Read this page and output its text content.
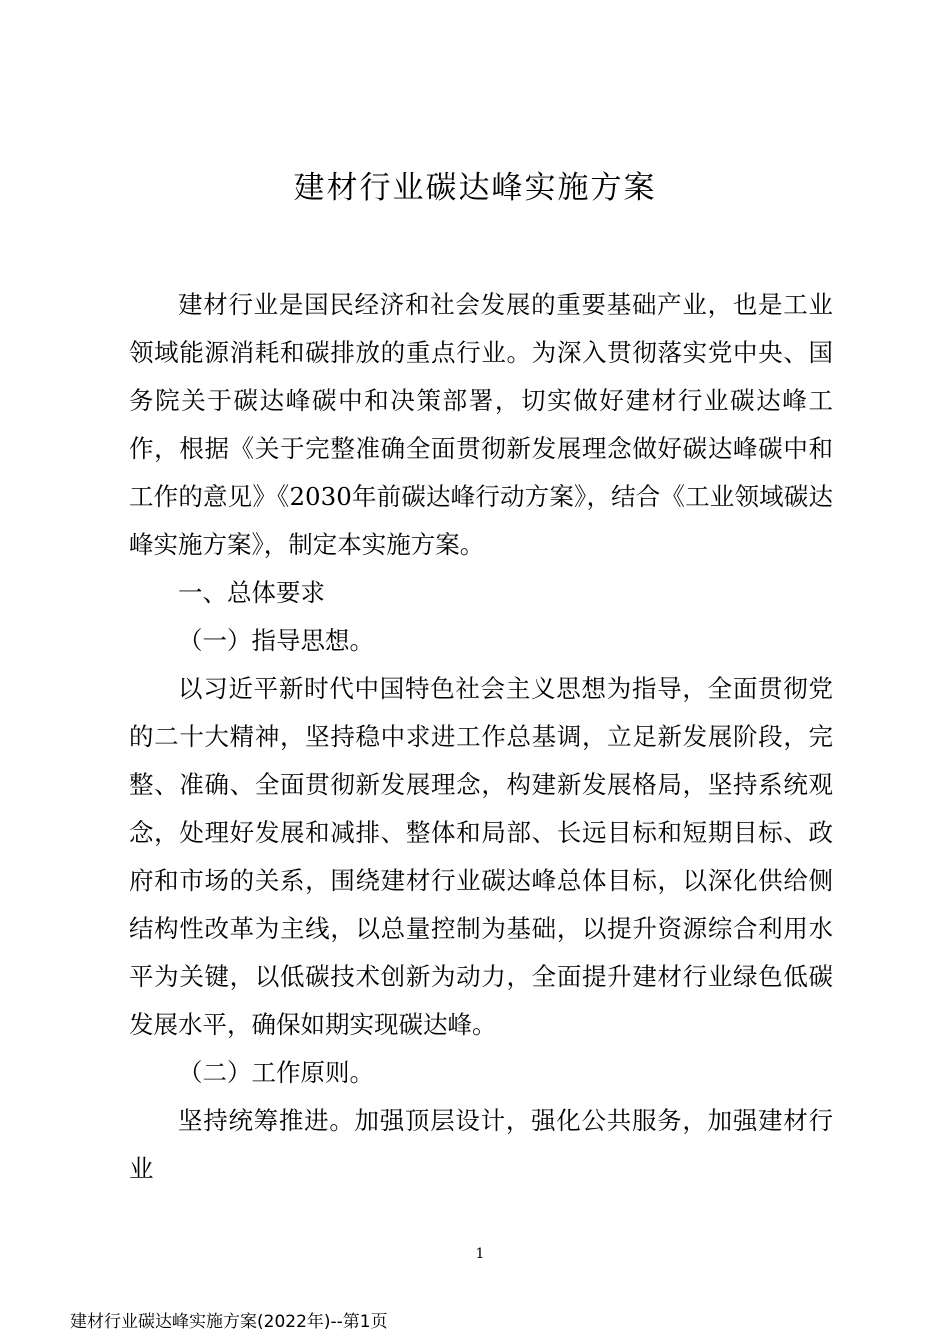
建材行业碳达峰实施方案

建材行业是国民经济和社会发展的重要基础产业，也是工业领域能源消耗和碳排放的重点行业。为深入贯彻落实党中央、国务院关于碳达峰碳中和决策部署，切实做好建材行业碳达峰工作，根据《关于完整准确全面贯彻新发展理念做好碳达峰碳中和工作的意见》《2030年前碳达峰行动方案》，结合《工业领域碳达峰实施方案》，制定本实施方案。

一、总体要求

（一）指导思想。

以习近平新时代中国特色社会主义思想为指导，全面贯彻党的二十大精神，坚持稳中求进工作总基调，立足新发展阶段，完整、准确、全面贯彻新发展理念，构建新发展格局，坚持系统观念，处理好发展和减排、整体和局部、长远目标和短期目标、政府和市场的关系，围绕建材行业碳达峰总体目标，以深化供给侧结构性改革为主线，以总量控制为基础，以提升资源综合利用水平为关键，以低碳技术创新为动力，全面提升建材行业绿色低碳发展水平，确保如期实现碳达峰。

（二）工作原则。

坚持统筹推进。加强顶层设计，强化公共服务，加强建材行业

1
建材行业碳达峰实施方案(2022年)--第1页
